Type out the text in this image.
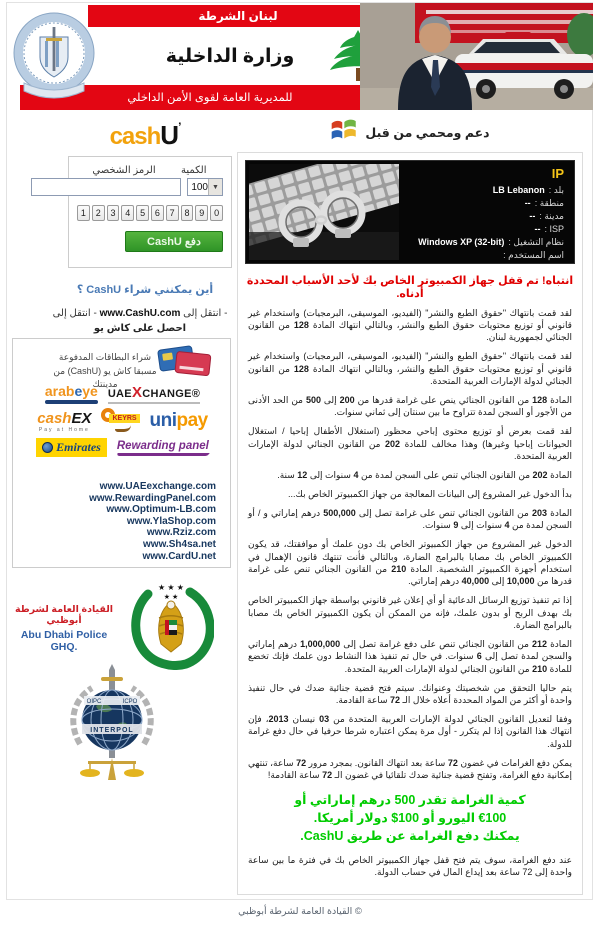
لبنان الشرطة
للمديرية العامة لقوى الأمن الداخلي
وزارة الداخلية
cashU’
الكمية
الرمز الشخصي
100 ▼
1	2	3	4	5	6	7	8	9	0
دفع CashU
أين يمكنني شراء CashU ؟
- انتقل إلى www.CashU.com - انتقل إلى
احصل على كاش يو
شراء البطاقات المدفوعة مسبقا كاش يو (CashU) من مدينتك
arabeye UAEXCHANGE®
cashEX
Pay at Home
KEYRS unipay
Emirates Rewarding panel
www.UAEexchange.com
www.RewardingPanel.com
www.Optimum-LB.com
www.YlaShop.com
www.Rziz.com
www.Sh4sa.net
www.CardU.net
القيادة العامة لشرطة أبوظبي
Abu Dhabi Police GHQ.
★ ★ ★
★ ★
OIPC	ICPO
INTERPOL
دعم ومحمي من قبل
IP
بلد :
LB Lebanon
منطقة :
--
مدينة :
--
ISP :
--
نظام التشغيل :
Windows XP (32-bit)
اسم المستخدم :
انتباه! تم قفل جهاز الكمبيوتر الخاص بك لأحد الأسباب المحددة أدناه.

لقد قمت بانتهاك "حقوق الطبع والنشر" (الفيديو، الموسيقى، البرمجيات) واستخدام غير قانوني أو توزيع محتويات حقوق الطبع والنشر، وبالتالي انتهاك المادة 128 من القانون الجنائي لجمهورية لبنان.

لقد قمت بانتهاك "حقوق الطبع والنشر" (الفيديو، الموسيقى، البرمجيات) واستخدام غير قانوني أو توزيع محتويات حقوق الطبع والنشر، وبالتالي انتهاك المادة 128 من القانون الجنائي لدولة الإمارات العربية المتحدة.

المادة 128 من القانون الجنائي ينص على غرامة قدرها من 200 إلى 500 من الحد الأدنى من الأجور أو السجن لمدة تتراوح ما بين سنتان إلى ثماني سنوات.

لقد قمت بعرض أو توزيع محتوى إباحي محظور (استغلال الأطفال إباحيا / استغلال الحيوانات إباحيا وغيرها) وهذا مخالف للمادة 202 من القانون الجنائي لدولة الإمارات العربية المتحدة.

المادة 202 من القانون الجنائي تنص على السجن لمدة من 4 سنوات إلى 12 سنة.

بدأ الدخول غير المشروع إلى البيانات المعالجة من جهاز الكمبيوتر الخاص بك...

المادة 203 من القانون الجنائي تنص على غرامة تصل إلى 500,000 درهم إماراتي و / أو السجن لمدة من 4 سنوات إلى 9 سنوات.

الدخول غير المشروع من جهاز الكمبيوتر الخاص بك دون علمك أو موافقتك، قد يكون الكمبيوتر الخاص بك مصابا بالبرامج الضارة، وبالتالي فأنت تنتهك قانون الإهمال في استخدام أجهزة الكمبيوتر الشخصية. المادة 210 من القانون الجنائي تنص على غرامة قدرها من 10,000 إلى 40,000 درهم إماراتي.

إذا تم تنفيذ توزيع الرسائل الدعائية أو أي إعلان غير قانوني بواسطة جهاز الكمبيوتر الخاص بك بهدف الربح أو بدون علمك، فإنه من الممكن أن يكون الكمبيوتر الخاص بك مصابا بالبرامج الضارة.

المادة 212 من القانون الجنائي تنص على دفع غرامة تصل إلى 1,000,000 درهم إماراتي والسجن لمدة تصل إلى 6 سنوات. في حال تم تنفيذ هذا النشاط دون علمك فإنك تخضع للمادة 210 من القانون الجنائي لدولة الإمارات العربية المتحدة.

يتم حاليا التحقق من شخصيتك وعنوانك. سيتم فتح قضية جنائية ضدك في حال تنفيذ واحدة أو أكثر من المواد المحددة أعلاه خلال الـ 72 ساعة القادمة.

وفقا لتعديل القانون الجنائي لدولة الإمارات العربية المتحدة من 03 نيسان 2013، فإن انتهاك هذا القانون إذا لم يتكرر - أول مرة يمكن اعتباره شرطا حرفيا في حال دفع غرامة للدولة.

يمكن دفع الغرامات في غضون 72 ساعة بعد انتهاك القانون. بمجرد مرور 72 ساعة، تنتهي إمكانية دفع الغرامة، وتفتح قضية جنائية ضدك تلقائيا في غضون الـ 72 ساعة القادمة!

كمية الغرامة تقدر 500 درهم إماراتي أو
€100 اليورو أو 100$ دولار أمريكا.
يمكنك دفع الغرامة عن طريق CashU.

عند دفع الغرامة، سوف يتم فتح قفل جهاز الكمبيوتر الخاص بك في فترة ما بين ساعة واحدة إلى 72 ساعة بعد إيداع المال في حساب الدولة.

© القيادة العامة لشرطة أبوظبي
